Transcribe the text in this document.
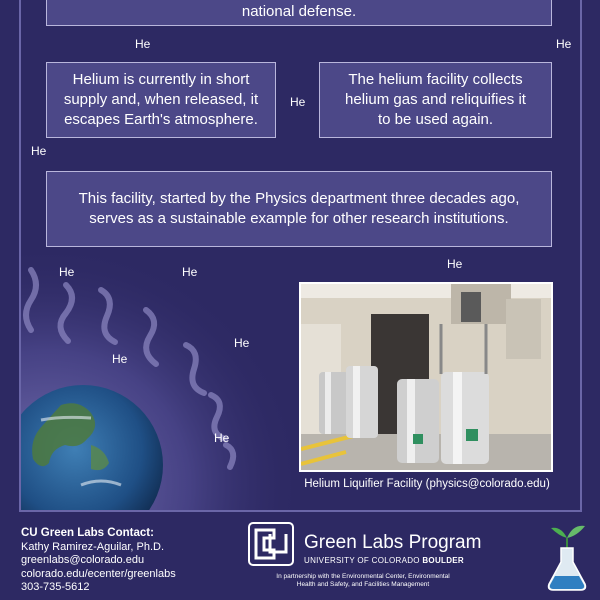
national defense.
Helium is currently in short supply and, when released, it escapes Earth's atmosphere.
The helium facility collects helium gas and reliquifies it to be used again.
This facility, started by the Physics department three decades ago, serves as a sustainable example for other research institutions.
He	He
He
He
He	He
He
He
He
He
Helium Liquifier Facility (physics@colorado.edu)
CU Green Labs Contact:
Kathy Ramirez-Aguilar, Ph.D.
greenlabs@colorado.edu
colorado.edu/ecenter/greenlabs
303-735-5612
Green Labs Program
UNIVERSITY OF COLORADO BOULDER
In partnership with the Environmental Center, Environmental
Health and Safety, and Facilities Management
